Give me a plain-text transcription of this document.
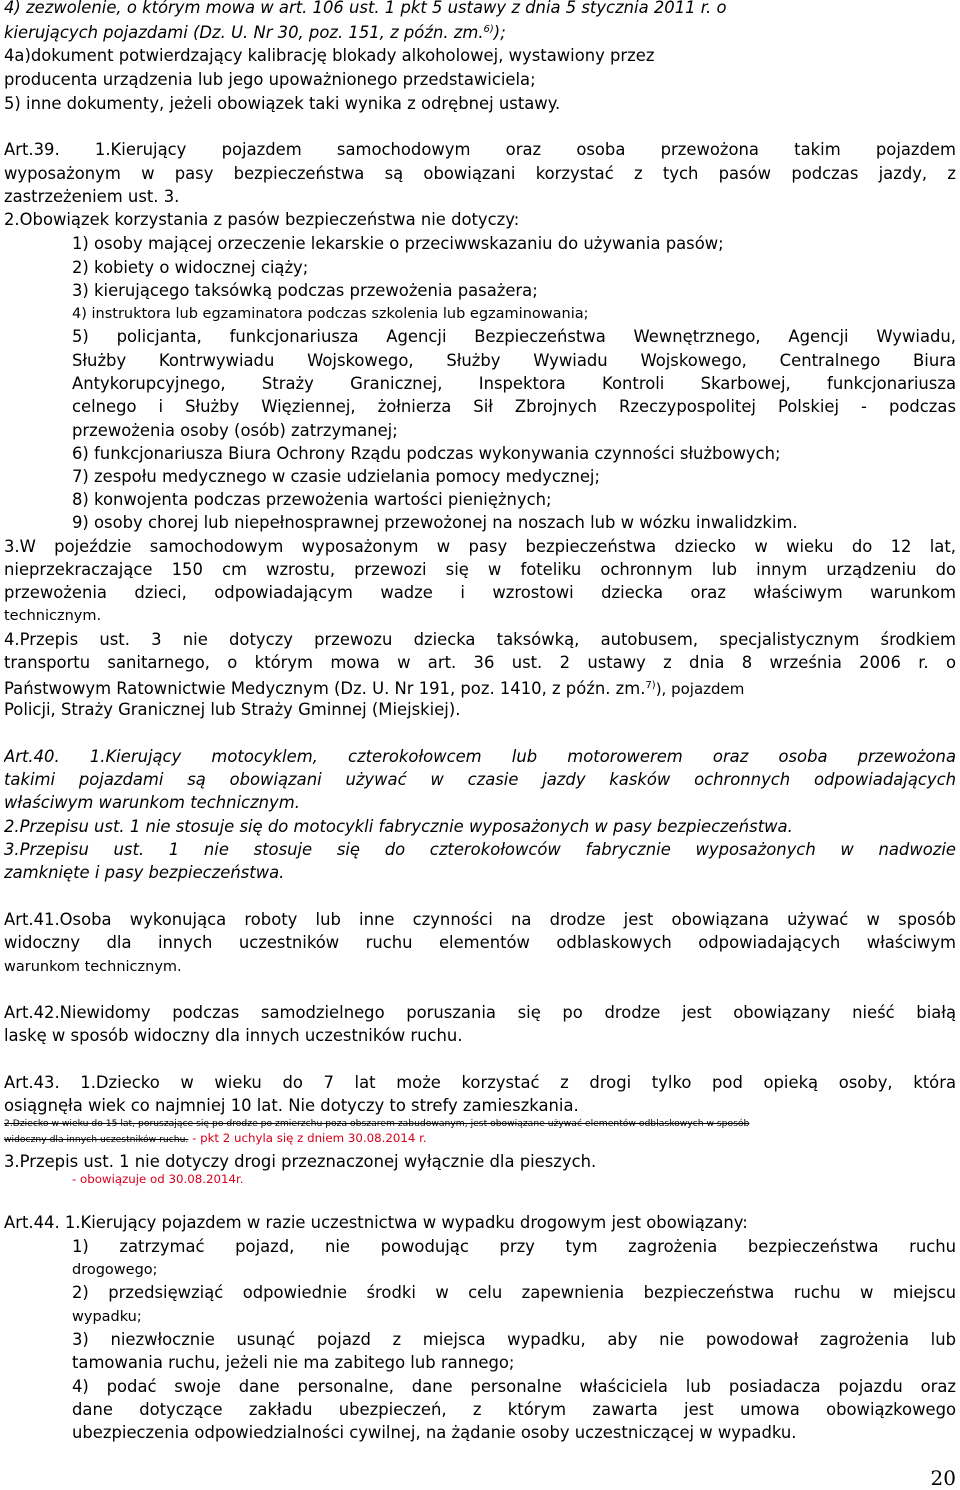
4) zezwolenie, o którym mowa w art. 106 ust. 1 pkt 5 ustawy z dnia 5 stycznia 2011 r. o
kierujących pojazdami (Dz. U. Nr 30, poz. 151, z późn. zm.$^{6)}$);
4a)dokument potwierdzający kalibrację blokady alkoholowej, wystawiony przez
producenta urządzenia lub jego upoważnionego przedstawiciela;
5) inne dokumenty, jeżeli obowiązek taki wynika z odrębnej ustawy.
Art.39. 1.Kierujący pojazdem samochodowym oraz osoba przewożona takim pojazdem
wyposażonym w pasy bezpieczeństwa są obowiązani korzystać z tych pasów podczas jazdy, z
zastrzeżeniem ust. 3.
2.Obowiązek korzystania z pasów bezpieczeństwa nie dotyczy:
1) osoby mającej orzeczenie lekarskie o przeciwwskazaniu do używania pasów;
2) kobiety o widocznej ciąży;
3) kierującego taksówką podczas przewożenia pasażera;
4) instruktora lub egzaminatora podczas szkolenia lub egzaminowania;
5) policjanta, funkcjonariusza Agencji Bezpieczeństwa Wewnętrznego, Agencji Wywiadu,
Służby Kontrwywiadu Wojskowego, Służby Wywiadu Wojskowego, Centralnego Biura
Antykorupcyjnego, Straży Granicznej, Inspektora Kontroli Skarbowej, funkcjonariusza
celnego i Służby Więziennej, żołnierza Sił Zbrojnych Rzeczypospolitej Polskiej - podczas
przewożenia osoby (osób) zatrzymanej;
6) funkcjonariusza Biura Ochrony Rządu podczas wykonywania czynności służbowych;
7) zespołu medycznego w czasie udzielania pomocy medycznej;
8) konwojenta podczas przewożenia wartości pieniężnych;
9) osoby chorej lub niepełnosprawnej przewożonej na noszach lub w wózku inwalidzkim.
3.W pojeździe samochodowym wyposażonym w pasy bezpieczeństwa dziecko w wieku do 12 lat,
nieprzekraczające 150 cm wzrostu, przewozi się w foteliku ochronnym lub innym urządzeniu do
przewożenia dzieci, odpowiadającym wadze i wzrostowi dziecka oraz właściwym warunkom
technicznym.
4.Przepis ust. 3 nie dotyczy przewozu dziecka taksówką, autobusem, specjalistycznym środkiem
transportu sanitarnego, o którym mowa w art. 36 ust. 2 ustawy z dnia 8 września 2006 r. o
Państwowym Ratownictwie Medycznym (Dz. U. Nr 191, poz. 1410, z późn. zm.$^{7)}$), pojazdem
Policji, Straży Granicznej lub Straży Gminnej (Miejskiej).
Art.40. 1.Kierujący motocyklem, czterokołowcem lub motorowerem oraz osoba przewożona
takimi pojazdami są obowiązani używać w czasie jazdy kasków ochronnych odpowiadających
właściwym warunkom technicznym.
2.Przepisu ust. 1 nie stosuje się do motocykli fabrycznie wyposażonych w pasy bezpieczeństwa.
3.Przepisu ust. 1 nie stosuje się do czterokołowców fabrycznie wyposażonych w nadwozie
zamknięte i pasy bezpieczeństwa.
Art.41.Osoba wykonująca roboty lub inne czynności na drodze jest obowiązana używać w sposób
widoczny dla innych uczestników ruchu elementów odblaskowych odpowiadających właściwym
warunkom technicznym.
Art.42.Niewidomy podczas samodzielnego poruszania się po drodze jest obowiązany nieść białą
laskę w sposób widoczny dla innych uczestników ruchu.
Art.43. 1.Dziecko w wieku do 7 lat może korzystać z drogi tylko pod opieką osoby, która
osiągnęła wiek co najmniej 10 lat. Nie dotyczy to strefy zamieszkania.
3.Przepis ust. 1 nie dotyczy drogi przeznaczonej wyłącznie dla pieszych.
Art.44. 1.Kierujący pojazdem w razie uczestnictwa w wypadku drogowym jest obowiązany:
1) zatrzymać pojazd, nie powodując przy tym zagrożenia bezpieczeństwa ruchu
drogowego;
2) przedsięwziąć odpowiednie środki w celu zapewnienia bezpieczeństwa ruchu w miejscu
wypadku;
3) niezwłocznie usunąć pojazd z miejsca wypadku, aby nie powodował zagrożenia lub
tamowania ruchu, jeżeli nie ma zabitego lub rannego;
4) podać swoje dane personalne, dane personalne właściciela lub posiadacza pojazdu oraz
dane dotyczące zakładu ubezpieczeń, z którym zawarta jest umowa obowiązkowego
ubezpieczenia odpowiedzialności cywilnej, na żądanie osoby uczestniczącej w wypadku.
2.Dziecko w wieku do 15 lat, poruszające się po drodze po zmierzchu poza obszarem zabudowanym, jest obowiązane używać elementów odblaskowych w sposób
widoczny dla innych uczestników ruchu. - pkt 2 uchyla się z dniem 30.08.2014 r.
- obowiązuje od 30.08.2014r.
20
